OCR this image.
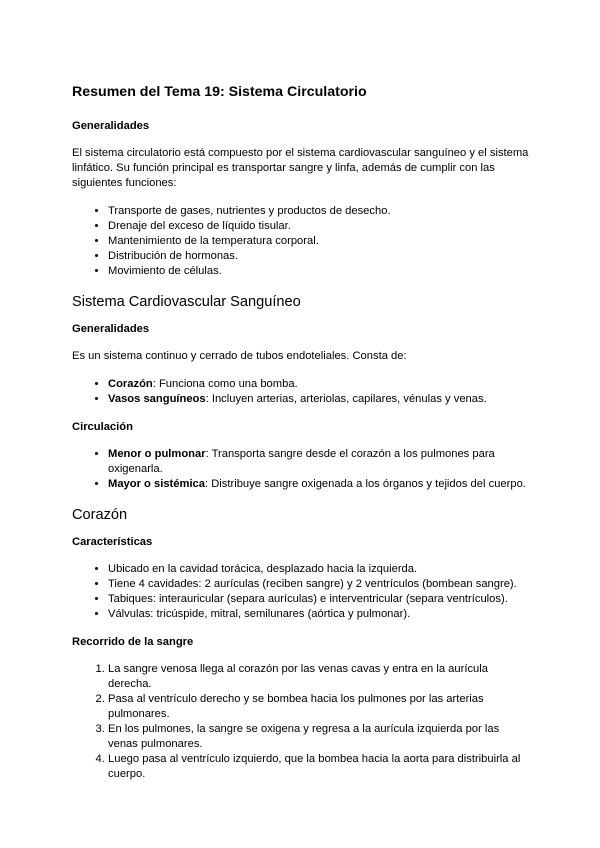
Resumen del Tema 19: Sistema Circulatorio
Generalidades
El sistema circulatorio está compuesto por el sistema cardiovascular sanguíneo y el sistema linfático. Su función principal es transportar sangre y linfa, además de cumplir con las siguientes funciones:
• Transporte de gases, nutrientes y productos de desecho.
• Drenaje del exceso de líquido tisular.
• Mantenimiento de la temperatura corporal.
• Distribución de hormonas.
• Movimiento de células.
Sistema Cardiovascular Sanguíneo
Generalidades
Es un sistema continuo y cerrado de tubos endoteliales. Consta de:
• Corazón: Funciona como una bomba.
• Vasos sanguíneos: Incluyen arterias, arteriolas, capilares, vénulas y venas.
Circulación
• Menor o pulmonar: Transporta sangre desde el corazón a los pulmones para oxigenarla.
• Mayor o sistémica: Distribuye sangre oxigenada a los órganos y tejidos del cuerpo.
Corazón
Características
• Ubicado en la cavidad torácica, desplazado hacia la izquierda.
• Tiene 4 cavidades: 2 aurículas (reciben sangre) y 2 ventrículos (bombean sangre).
• Tabiques: interauricular (separa aurículas) e interventricular (separa ventrículos).
• Válvulas: tricúspide, mitral, semilunares (aórtica y pulmonar).
Recorrido de la sangre
1. La sangre venosa llega al corazón por las venas cavas y entra en la aurícula derecha.
2. Pasa al ventrículo derecho y se bombea hacia los pulmones por las arterias pulmonares.
3. En los pulmones, la sangre se oxigena y regresa a la aurícula izquierda por las venas pulmonares.
4. Luego pasa al ventrículo izquierdo, que la bombea hacia la aorta para distribuirla al cuerpo.
